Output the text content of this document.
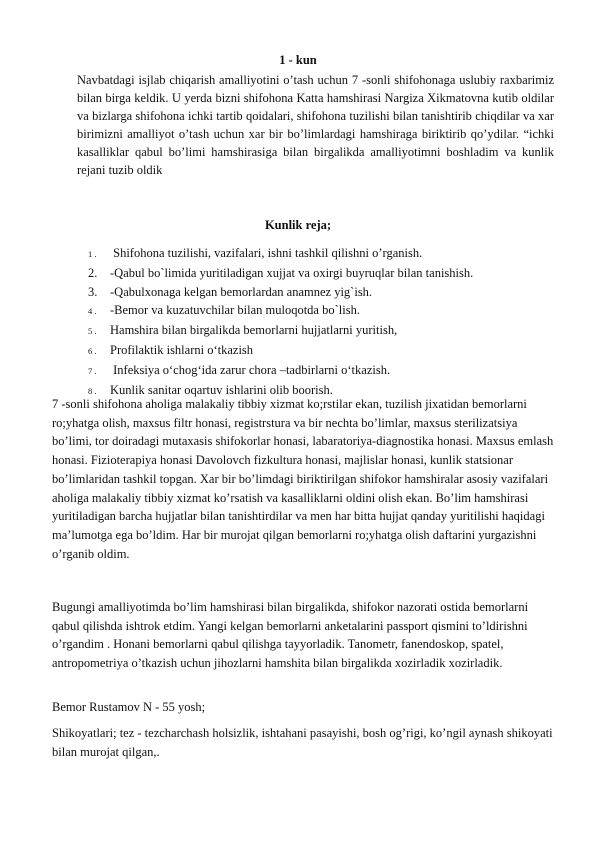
1 - kun

Navbatdagi isjlab chiqarish amalliyotini o’tash uchun 7 -sonli shifohonaga uslubiy raxbarimiz bilan birga keldik. U yerda bizni shifohona Katta hamshirasi Nargiza Xikmatovna kutib oldilar va bizlarga shifohona ichki tartib qoidalari, shifohona tuzilishi bilan tanishtirib chiqdilar va xar birimizni amalliyot o’tash uchun xar bir bo’limlardagi hamshiraga biriktirib qo’ydilar. “ichki kasalliklar qabul bo’limi hamshirasiga bilan birgalikda amalliyotimni boshladim va kunlik rejani tuzib oldik

Kunlik reja;
1 . Shifohona tuzilishi, vazifalari, ishni tashkil qilishni o’rganish.
2. -Qabul bo`limida yuritiladigan xujjat va oxirgi buyruqlar bilan tanishish.
3. -Qabulxonaga kelgan bemorlardan anamnez yig`ish.
4 . -Bemor va kuzatuvchilar bilan muloqotda bo`lish.
5 . Hamshira bilan birgalikda bemorlarni hujjatlarni yuritish,
6 . Profilaktik ishlarni o‘tkazish
7 . Infeksiya o‘chog‘ida zarur chora –tadbirlarni o‘tkazish.
8 . Kunlik sanitar oqartuv ishlarini olib boorish.

7 -sonli shifohona aholiga malakaliy tibbiy xizmat ko;rstilar ekan, tuzilish jixatidan bemorlarni ro;yhatga olish, maxsus filtr honasi, registrstura va bir nechta bo’limlar, maxsus sterilizatsiya bo’limi, tor doiradagi mutaxasis shifokorlar honasi, labaratoriya-diagnostika honasi. Maxsus emlash honasi. Fizioterapiya honasi Davolovch fizkultura honasi, majlislar honasi, kunlik statsionar bo’limlaridan tashkil topgan. Xar bir bo’limdagi biriktirilgan shifokor hamshiralar asosiy vazifalari aholiga malakaliy tibbiy xizmat ko’rsatish va kasalliklarni oldini olish ekan. Bo’lim hamshirasi yuritiladigan barcha hujjatlar bilan tanishtirdilar va men har bitta hujjat qanday yuritilishi haqidagi ma’lumotga ega bo’ldim. Har bir murojat qilgan bemorlarni ro;yhatga olish daftarini yurgazishni o’rganib oldim.

Bugungi amalliyotimda bo’lim hamshirasi bilan birgalikda, shifokor nazorati ostida bemorlarni qabul qilishda ishtrok etdim. Yangi kelgan bemorlarni anketalarini passport qismini to’ldirishni o’rgandim . Honani bemorlarni qabul qilishga tayyorladik. Tanometr, fanendoskop, spatel, antropometriya o’tkazish uchun jihozlarni hamshita bilan birgalikda xozirladik xozirladik.

Bemor Rustamov N - 55 yosh;

Shikoyatlari; tez - tezcharchash holsizlik, ishtahani pasayishi, bosh og’rigi, ko’ngil aynash shikoyati bilan murojat qilgan,.
